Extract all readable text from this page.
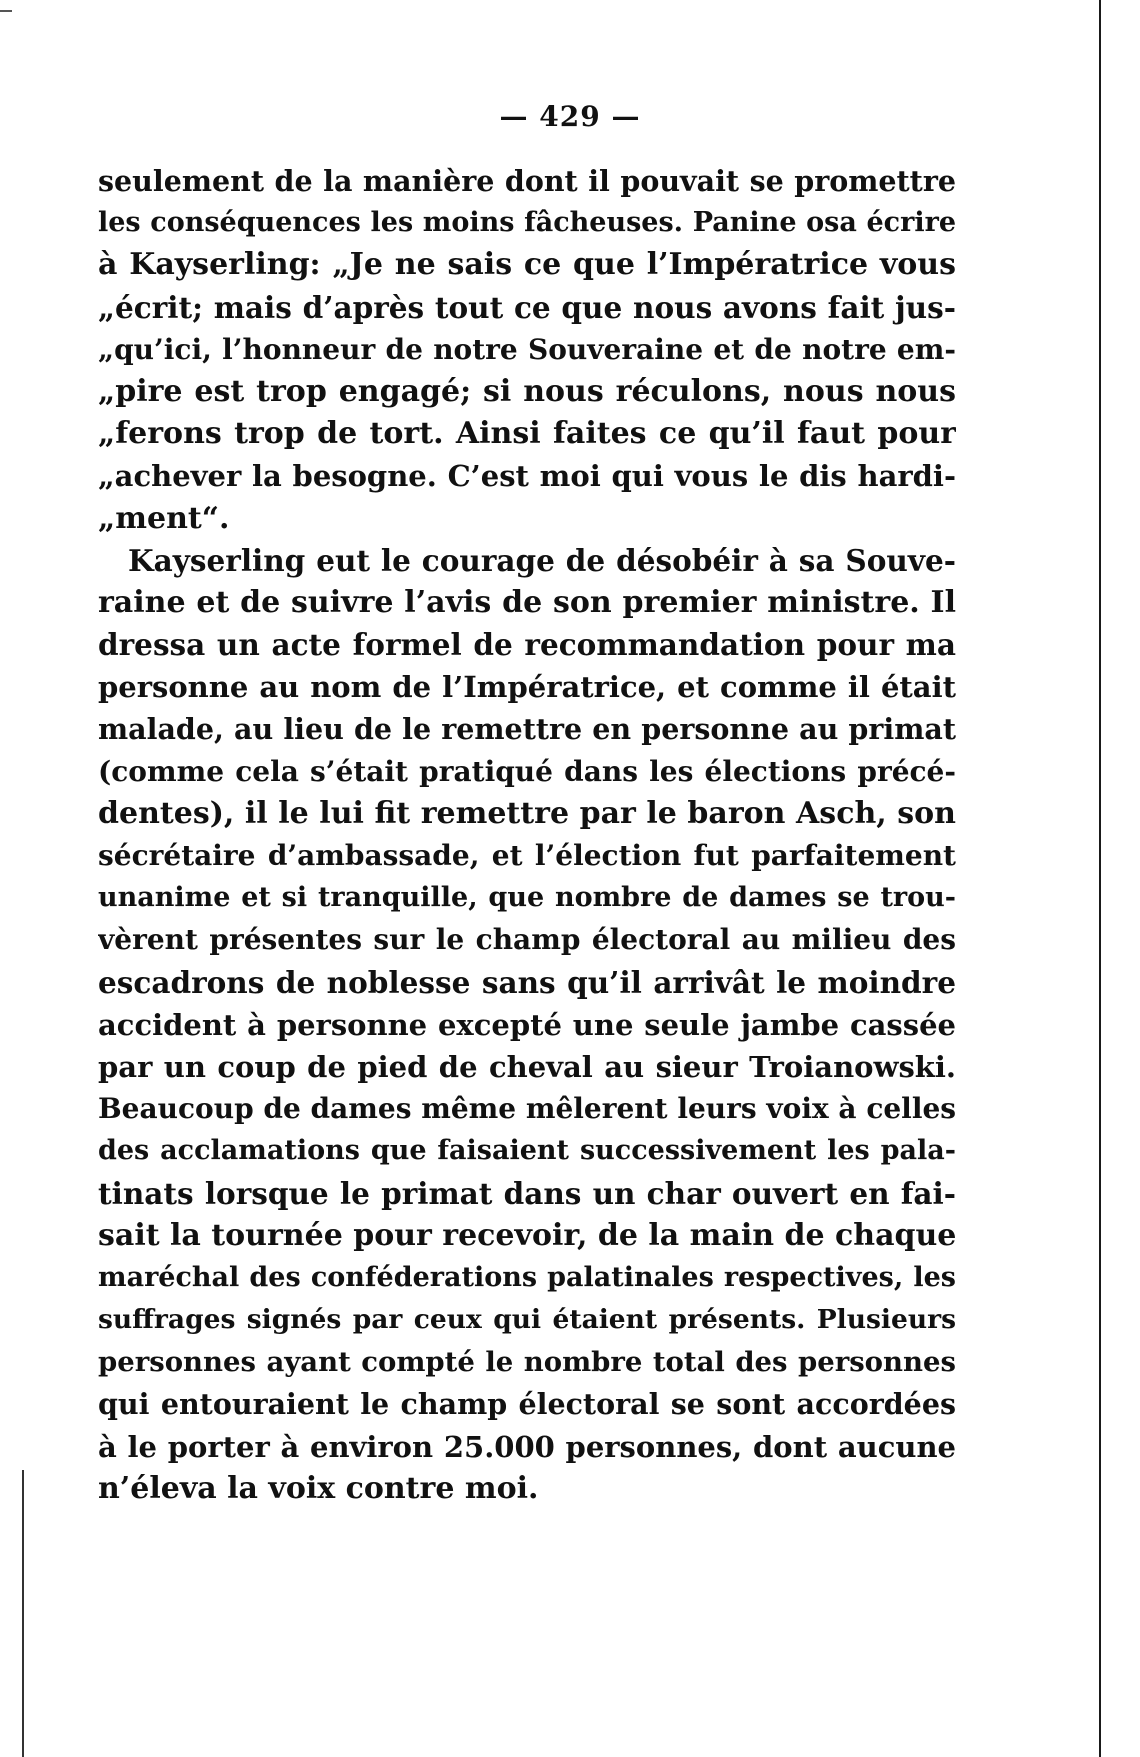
— 429 —
seulement de la manière dont il pouvait se promettre
les conséquences les moins fâcheuses. Panine osa écrire
à Kayserling: „Je ne sais ce que l’Impératrice vous
„écrit; mais d’après tout ce que nous avons fait jus-
„qu’ici, l’honneur de notre Souveraine et de notre em-
„pire est trop engagé; si nous réculons, nous nous
„ferons trop de tort. Ainsi faites ce qu’il faut pour
„achever la besogne. C’est moi qui vous le dis hardi-
„ment“.
Kayserling eut le courage de désobéir à sa Souve-
raine et de suivre l’avis de son premier ministre. Il
dressa un acte formel de recommandation pour ma
personne au nom de l’Impératrice, et comme il était
malade, au lieu de le remettre en personne au primat
(comme cela s’était pratiqué dans les élections précé-
dentes), il le lui fit remettre par le baron Asch, son
sécrétaire d’ambassade, et l’élection fut parfaitement
unanime et si tranquille, que nombre de dames se trou-
vèrent présentes sur le champ électoral au milieu des
escadrons de noblesse sans qu’il arrivât le moindre
accident à personne excepté une seule jambe cassée
par un coup de pied de cheval au sieur Troianowski.
Beaucoup de dames même mêlerent leurs voix à celles
des acclamations que faisaient successivement les pala-
tinats lorsque le primat dans un char ouvert en fai-
sait la tournée pour recevoir, de la main de chaque
maréchal des conféderations palatinales respectives, les
suffrages signés par ceux qui étaient présents. Plusieurs
personnes ayant compté le nombre total des personnes
qui entouraient le champ électoral se sont accordées
à le porter à environ 25.000 personnes, dont aucune
n’éleva la voix contre moi.
